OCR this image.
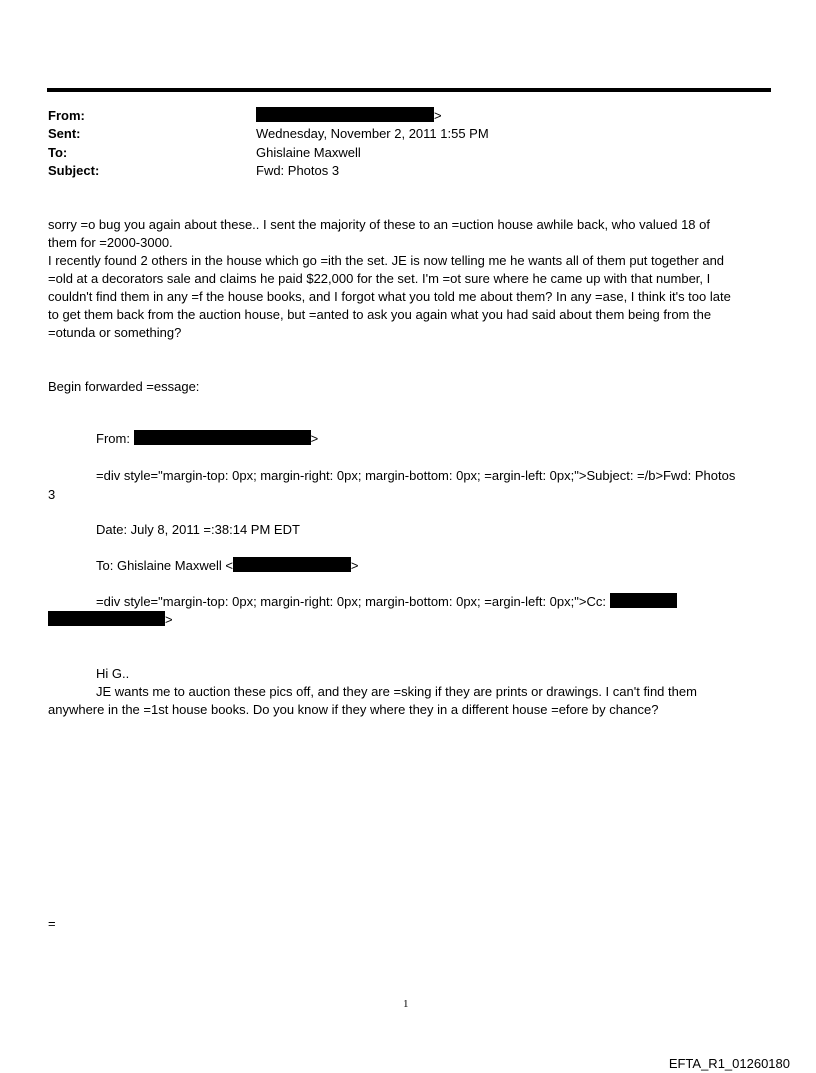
From:	>
Sent:	Wednesday, November 2, 2011 1:55 PM
To:	Ghislaine Maxwell
Subject:	Fwd: Photos 3
sorry =o bug you again about these.. I sent the majority of these to an =uction house awhile back, who valued 18 of
them for =2000-3000.
I recently found 2 others in the house which go =ith the set. JE is now telling me he wants all of them put together and
=old at a decorators sale and claims he paid $22,000 for the set. I'm =ot sure where he came up with that number, I
couldn't find them in any =f the house books, and I forgot what you told me about them? In any =ase, I think it's too late
to get them back from the auction house, but =anted to ask you again what you had said about them being from the
=otunda or something?
Begin forwarded =essage:
From:	>
=div style="margin-top: 0px; margin-right: 0px; margin-bottom: 0px; =argin-left: 0px;">Subject: =/b>Fwd: Photos
3
Date: July 8, 2011 =:38:14 PM EDT
To: Ghislaine Maxwell <	>
=div style="margin-top: 0px; margin-right: 0px; margin-bottom: 0px; =argin-left: 0px;">Cc:
>
Hi G..
JE wants me to auction these pics off, and they are =sking if they are prints or drawings. I can't find them
anywhere in the =1st house books. Do you know if they where they in a different house =efore by chance?
=
1
EFTA_R1_01260180
